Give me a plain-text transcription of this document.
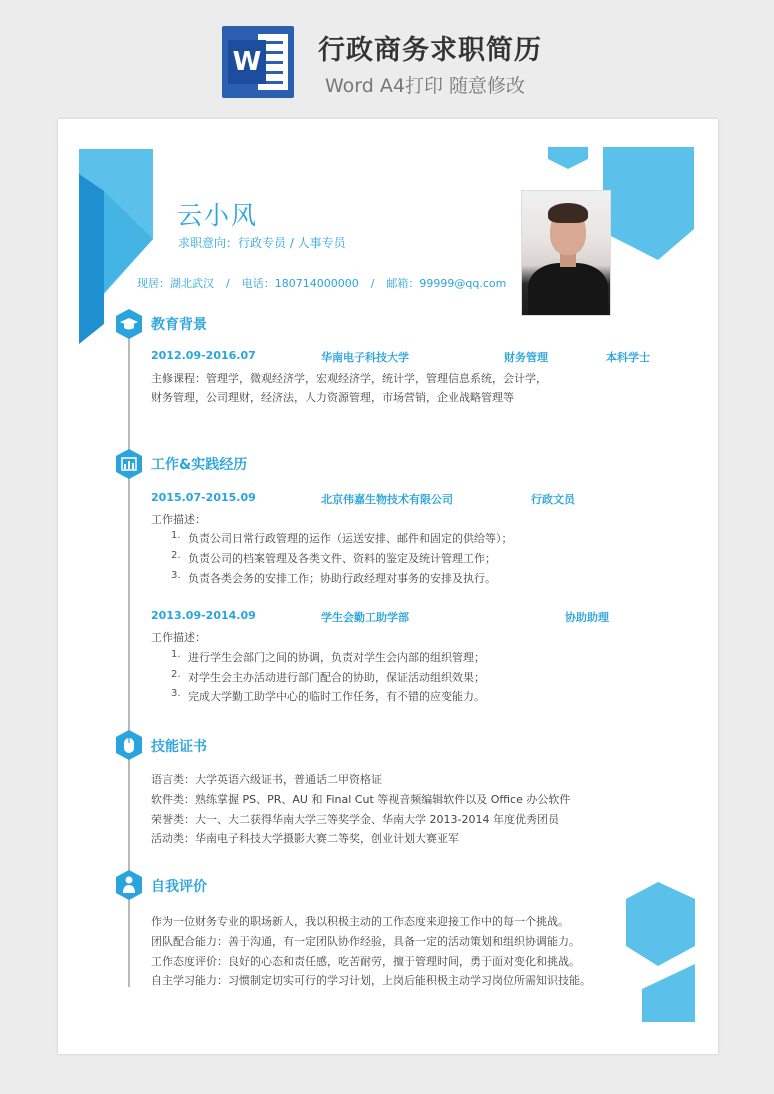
W 行政商务求职简历
Word A4打印 随意修改
云小风
求职意向：行政专员 / 人事专员
现居：湖北武汉 / 电话：180714000000 / 邮箱：99999@qq.com
教育背景
2012.09-2016.07	华南电子科技大学	财务管理	本科学士
主修课程：管理学，微观经济学，宏观经济学，统计学，管理信息系统，会计学，
财务管理，公司理财，经济法，人力资源管理，市场营销，企业战略管理等
工作&实践经历
2015.07-2015.09	北京伟嘉生物技术有限公司	行政文员
工作描述：
1. 负责公司日常行政管理的运作（运送安排、邮件和固定的供给等）；
2. 负责公司的档案管理及各类文件、资料的鉴定及统计管理工作；
3. 负责各类会务的安排工作；协助行政经理对事务的安排及执行。
2013.09-2014.09	学生会勤工助学部	协助助理
工作描述：
1. 进行学生会部门之间的协调，负责对学生会内部的组织管理；
2. 对学生会主办活动进行部门配合的协助，保证活动组织效果；
3. 完成大学勤工助学中心的临时工作任务，有不错的应变能力。
技能证书
语言类：大学英语六级证书，普通话二甲资格证
软件类：熟练掌握 PS、PR、AU 和 Final Cut 等视音频编辑软件以及 Office 办公软件
荣誉类：大一、大二获得华南大学三等奖学金、华南大学 2013-2014 年度优秀团员
活动类：华南电子科技大学摄影大赛二等奖，创业计划大赛亚军
自我评价
作为一位财务专业的职场新人，我以积极主动的工作态度来迎接工作中的每一个挑战。
团队配合能力：善于沟通，有一定团队协作经验，具备一定的活动策划和组织协调能力。
工作态度评价：良好的心态和责任感，吃苦耐劳，擅于管理时间，勇于面对变化和挑战。
自主学习能力：习惯制定切实可行的学习计划，上岗后能积极主动学习岗位所需知识技能。
